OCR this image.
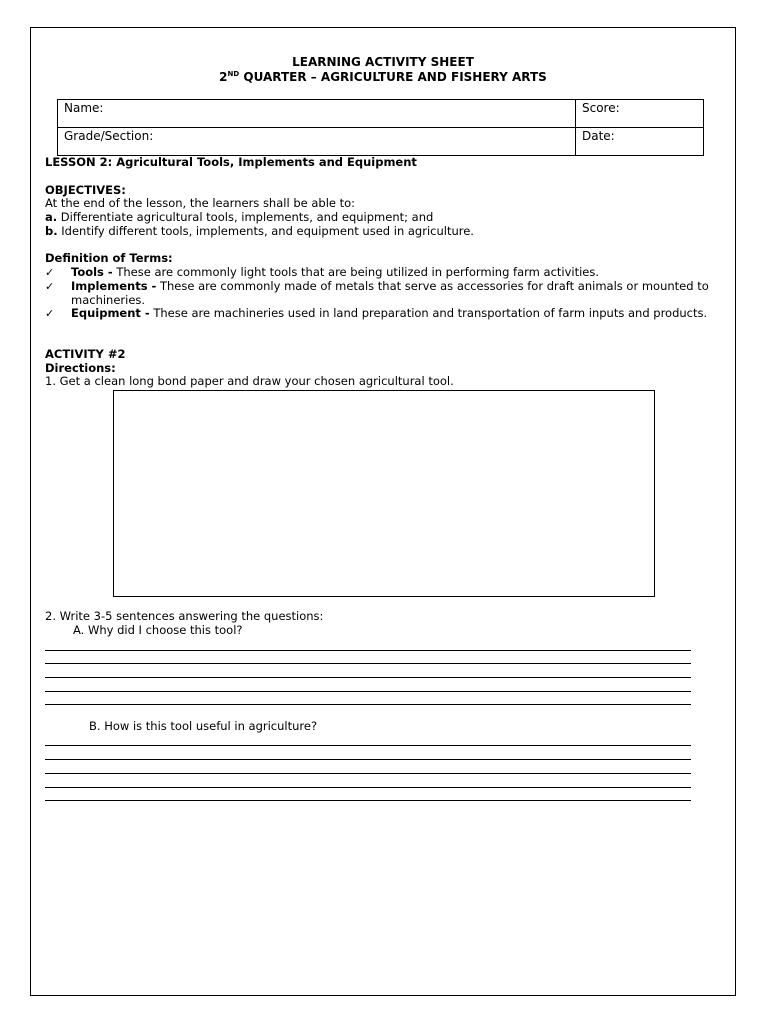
LEARNING ACTIVITY SHEET
2ND QUARTER – AGRICULTURE AND FISHERY ARTS
Name:	Score:
Grade/Section:	Date:
LESSON 2: Agricultural Tools, Implements and Equipment
OBJECTIVES:
At the end of the lesson, the learners shall be able to:
a. Differentiate agricultural tools, implements, and equipment; and
b. Identify different tools, implements, and equipment used in agriculture.
Definition of Terms:
✓ Tools - These are commonly light tools that are being utilized in performing farm activities.
✓ Implements - These are commonly made of metals that serve as accessories for draft animals or mounted to machineries.
✓ Equipment - These are machineries used in land preparation and transportation of farm inputs and products.
ACTIVITY #2
Directions:
1. Get a clean long bond paper and draw your chosen agricultural tool.
2. Write 3-5 sentences answering the questions:
A. Why did I choose this tool?
B. How is this tool useful in agriculture?
